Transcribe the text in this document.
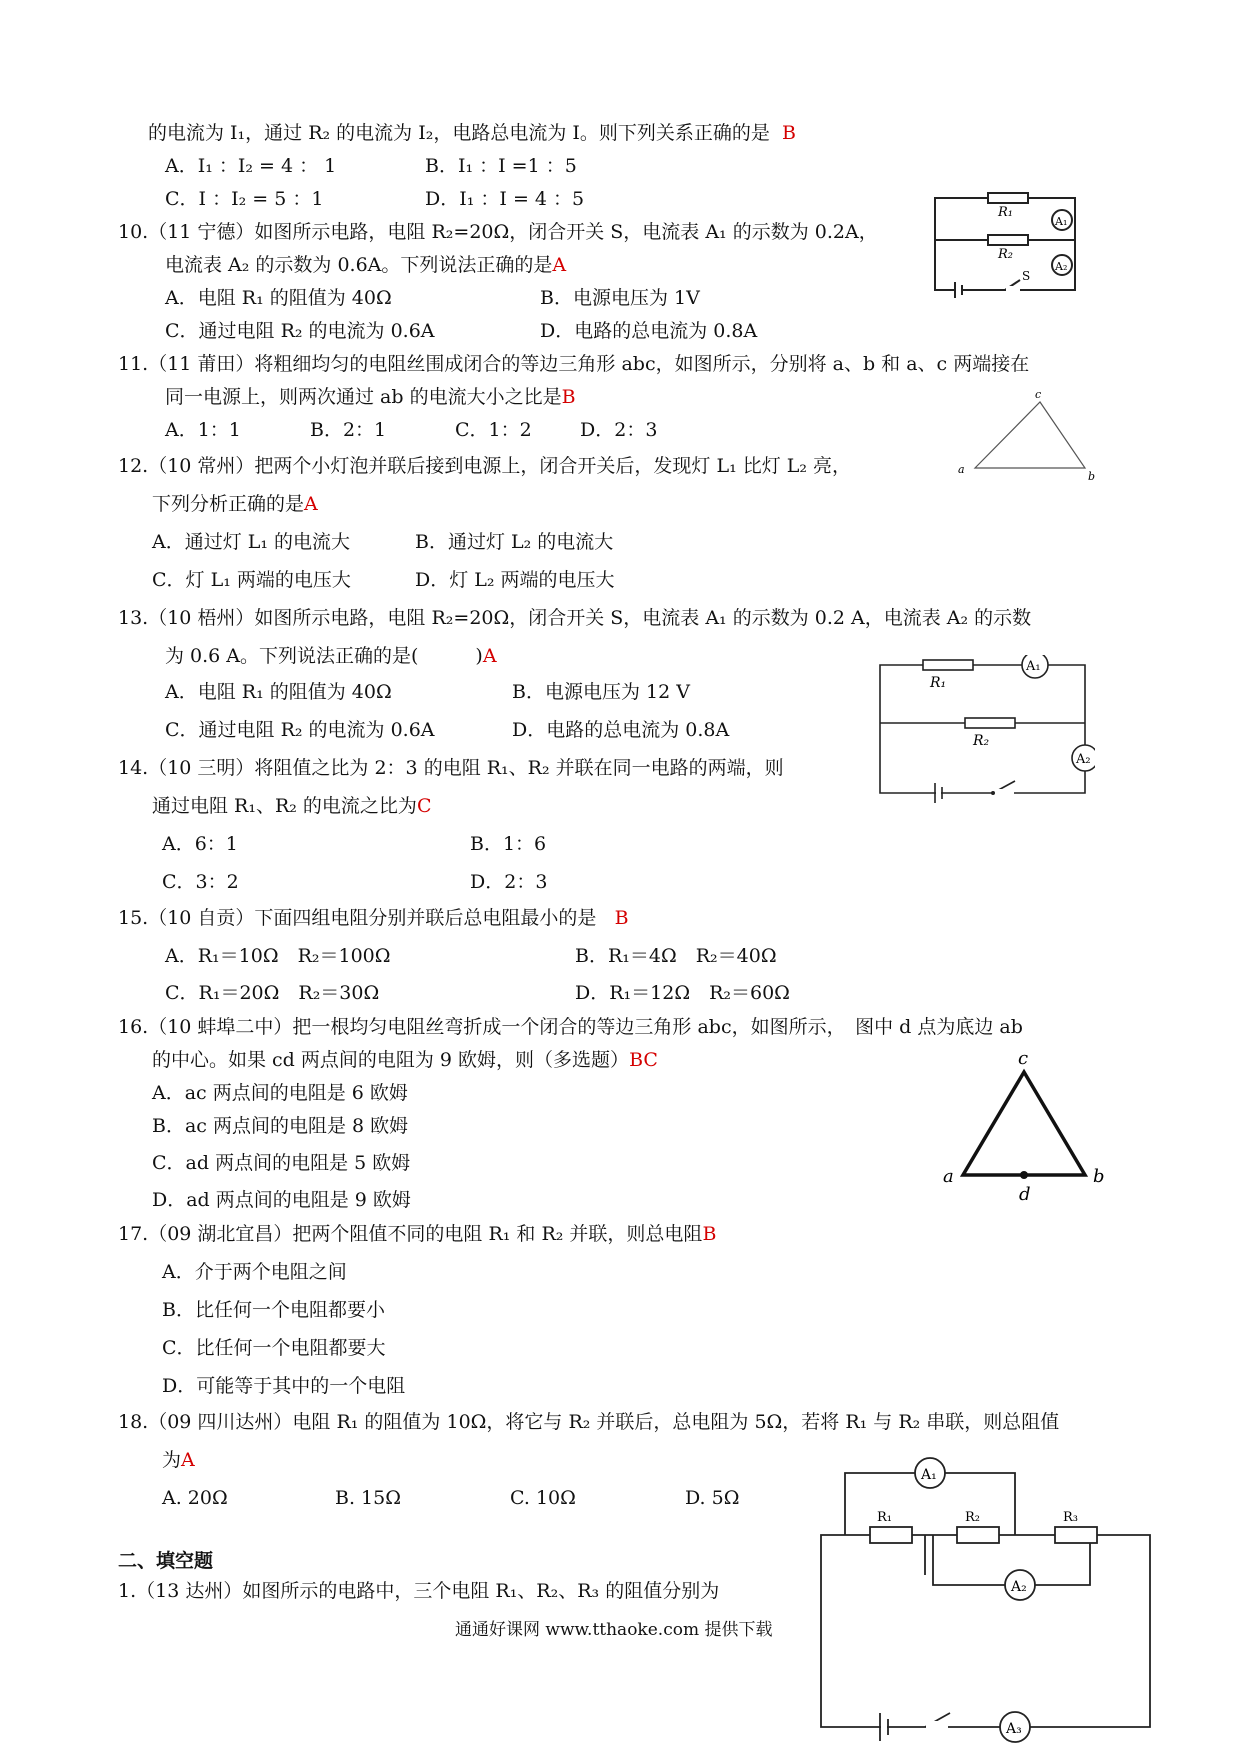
的电流为 I₁，通过 R₂ 的电流为 I₂，电路总电流为 I。则下列关系正确的是 B
A．I₁ ：I₂ = 4 ： 1	B．I₁ ：I =1 ：5
C．I ：I₂ = 5 ：1	D．I₁ ：I = 4 ：5
10.（11 宁德）如图所示电路，电阻 R₂=20Ω，闭合开关 S，电流表 A₁ 的示数为 0.2A，
电流表 A₂ 的示数为 0.6A。下列说法正确的是A
A．电阻 R₁ 的阻值为 40Ω	B．电源电压为 1V
C．通过电阻 R₂ 的电流为 0.6A	D．电路的总电流为 0.8A
R₁
R₂
A₁
A₂
S
11.（11 莆田）将粗细均匀的电阻丝围成闭合的等边三角形 abc，如图所示，分别将 a、b 和 a、c 两端接在
同一电源上，则两次通过 ab 的电流大小之比是B
A．1：1	B．2：1	C．1：2	D．2：3
a
b
c
12.（10 常州）把两个小灯泡并联后接到电源上，闭合开关后，发现灯 L₁ 比灯 L₂ 亮，
下列分析正确的是A
A．通过灯 L₁ 的电流大	B．通过灯 L₂ 的电流大
C．灯 L₁ 两端的电压大	D．灯 L₂ 两端的电压大
13.（10 梧州）如图所示电路，电阻 R₂=20Ω，闭合开关 S，电流表 A₁ 的示数为 0.2 A，电流表 A₂ 的示数
为 0.6 A。下列说法正确的是(　　　)A
A．电阻 R₁ 的阻值为 40Ω	B．电源电压为 12 V
C．通过电阻 R₂ 的电流为 0.6A	D．电路的总电流为 0.8A
R₁
R₂
A₁
A₂
14.（10 三明）将阻值之比为 2：3 的电阻 R₁、R₂ 并联在同一电路的两端，则
通过电阻 R₁、R₂ 的电流之比为C
A．6：1	B．1：6
C．3：2	D．2：3
15.（10 自贡）下面四组电阻分别并联后总电阻最小的是 B
A．R₁＝10Ω　R₂＝100Ω	B．R₁＝4Ω　R₂＝40Ω
C．R₁＝20Ω　R₂＝30Ω	D．R₁＝12Ω　R₂＝60Ω
16.（10 蚌埠二中）把一根均匀电阻丝弯折成一个闭合的等边三角形 abc，如图所示，　图中 d 点为底边 ab
的中心。如果 cd 两点间的电阻为 9 欧姆，则（多选题）BC
A．ac 两点间的电阻是 6 欧姆
B．ac 两点间的电阻是 8 欧姆
C．ad 两点间的电阻是 5 欧姆
D．ad 两点间的电阻是 9 欧姆
c
a	b
d
17.（09 湖北宜昌）把两个阻值不同的电阻 R₁ 和 R₂ 并联，则总电阻B
A．介于两个电阻之间
B．比任何一个电阻都要小
C．比任何一个电阻都要大
D．可能等于其中的一个电阻
18.（09 四川达州）电阻 R₁ 的阻值为 10Ω，将它与 R₂ 并联后，总电阻为 5Ω，若将 R₁ 与 R₂ 串联，则总阻值
为A
A. 20Ω	B. 15Ω	C. 10Ω	D. 5Ω
R₁	R₂	R₃
A₁
A₂
A₃
二、填空题
1.（13 达州）如图所示的电路中，三个电阻 R₁、R₂、R₃ 的阻值分别为
通通好课网 www.tthaoke.com 提供下载
